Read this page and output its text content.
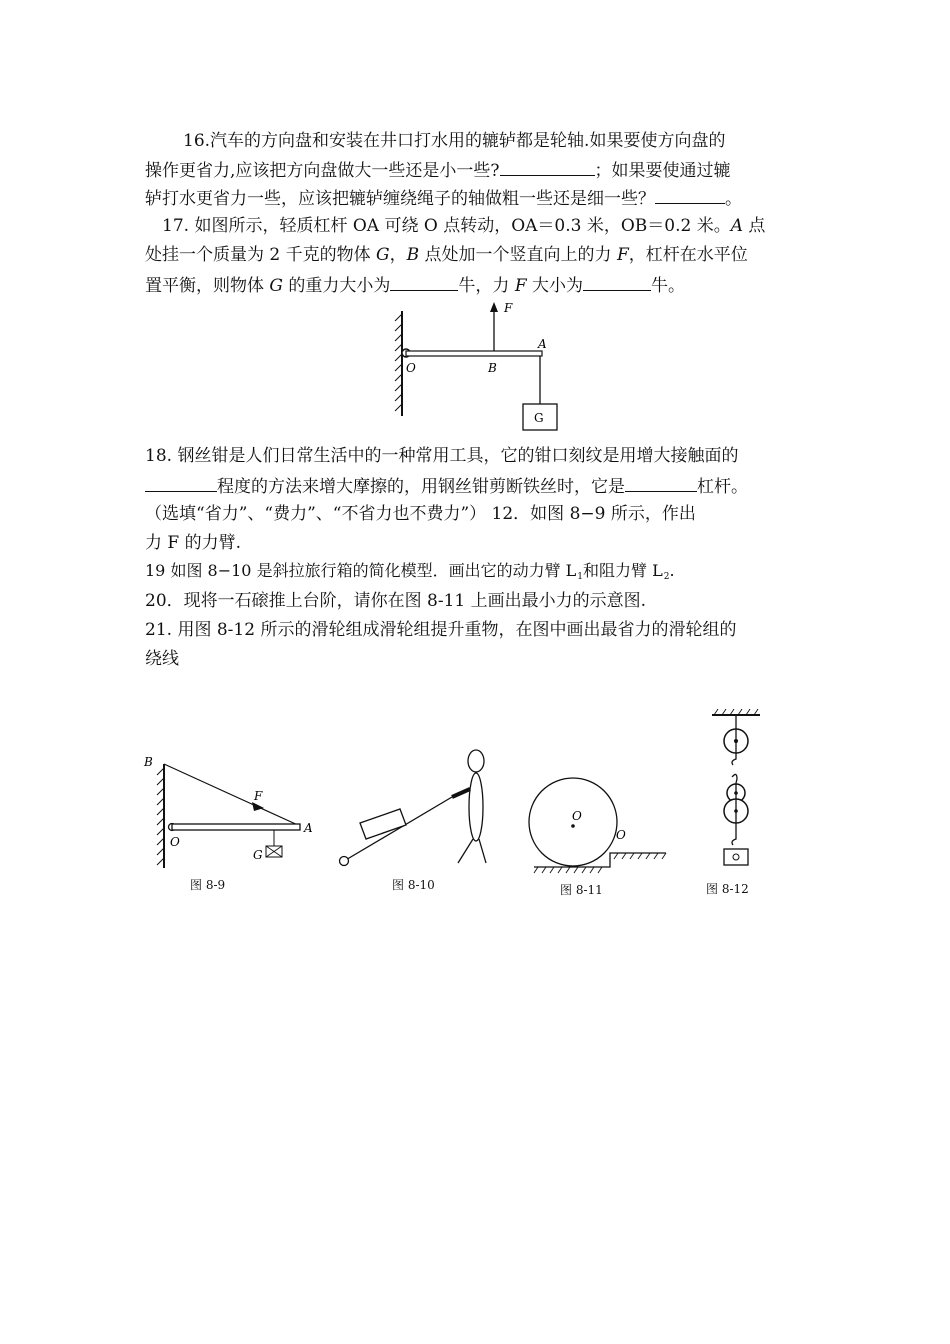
16.汽车的方向盘和安装在井口打水用的辘轳都是轮轴.如果要使方向盘的
操作更省力,应该把方向盘做大一些还是小一些?	；如果要使通过辘
轳打水更省力一些，应该把辘轳缠绕绳子的轴做粗一些还是细一些？	。
17. 如图所示，轻质杠杆 OA 可绕 O 点转动，OA＝0.3 米，OB＝0.2 米。A 点
处挂一个质量为 2 千克的物体 G，B 点处加一个竖直向上的力 F，杠杆在水平位
置平衡，则物体 G 的重力大小为	牛，力 F 大小为	牛。
F
A
O	B
G
18. 钢丝钳是人们日常生活中的一种常用工具，它的钳口刻纹是用增大接触面的
程度的方法来增大摩擦的，用钢丝钳剪断铁丝时，它是	杠杆。
（选填“省力”、“费力”、“不省力也不费力”） 12．如图 8−9 所示，作出
力 F 的力臂.
19 如图 8−10 是斜拉旅行箱的简化模型．画出它的动力臂 $L_1$和阻力臂 $L_2$.
20．现将一石磙推上台阶，请你在图 8-11 上画出最小力的示意图.
21. 用图 8-12 所示的滑轮组成滑轮组提升重物，在图中画出最省力的滑轮组的
绕线
B
F
A
O
G
图 8-9	图 8-10
O
O
图 8-11	图 8-12
